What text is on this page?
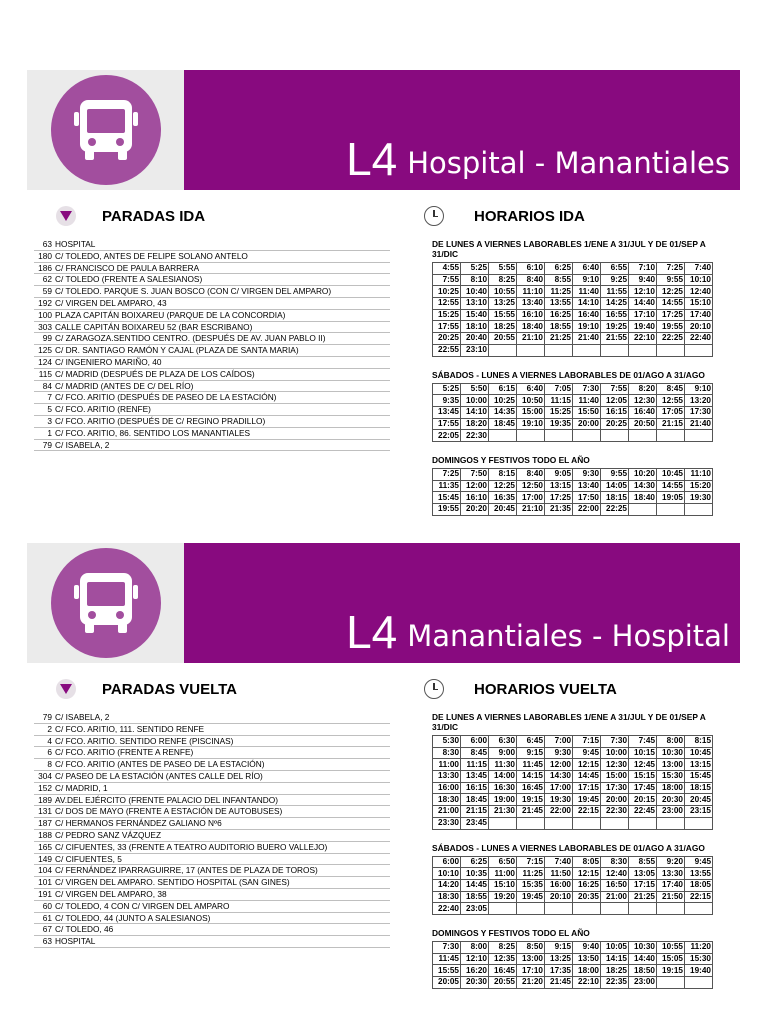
L4 Hospital - Manantiales
PARADAS IDA	HORARIOS IDA
63 HOSPITAL
180 C/ TOLEDO, ANTES DE FELIPE SOLANO ANTELO
186 C/ FRANCISCO DE PAULA BARRERA
62 C/ TOLEDO (FRENTE A SALESIANOS)
59 C/ TOLEDO. PARQUE S. JUAN BOSCO (CON C/ VIRGEN DEL AMPARO)
192 C/ VIRGEN DEL AMPARO, 43
100 PLAZA CAPITÁN BOIXAREU (PARQUE DE LA CONCORDIA)
303 CALLE CAPITÁN BOIXAREU 52 (BAR ESCRIBANO)
99 C/ ZARAGOZA.SENTIDO CENTRO. (DESPUÉS DE AV. JUAN PABLO II)
125 C/ DR. SANTIAGO RAMÓN Y CAJAL (PLAZA DE SANTA MARIA)
124 C/ INGENIERO MARIÑO, 40
115 C/ MADRID (DESPUÉS DE PLAZA DE LOS CAÍDOS)
84 C/ MADRID (ANTES DE C/ DEL RÍO)
7 C/ FCO. ARITIO (DESPUÉS DE PASEO DE LA ESTACIÓN)
5 C/ FCO. ARITIO (RENFE)
3 C/ FCO. ARITIO (DESPUÉS DE C/ REGINO PRADILLO)
1 C/ FCO. ARITIO, 86. SENTIDO LOS MANANTIALES
79 C/ ISABELA, 2
DE LUNES A VIERNES LABORABLES 1/ENE A 31/JUL Y DE 01/SEP A 31/DIC
4:55	5:25	5:55	6:10	6:25	6:40	6:55	7:10	7:25	7:40
7:55	8:10	8:25	8:40	8:55	9:10	9:25	9:40	9:55	10:10
10:25	10:40	10:55	11:10	11:25	11:40	11:55	12:10	12:25	12:40
12:55	13:10	13:25	13:40	13:55	14:10	14:25	14:40	14:55	15:10
15:25	15:40	15:55	16:10	16:25	16:40	16:55	17:10	17:25	17:40
17:55	18:10	18:25	18:40	18:55	19:10	19:25	19:40	19:55	20:10
20:25	20:40	20:55	21:10	21:25	21:40	21:55	22:10	22:25	22:40
22:55	23:10								
SÁBADOS - LUNES A VIERNES LABORABLES DE 01/AGO A 31/AGO
5:25	5:50	6:15	6:40	7:05	7:30	7:55	8:20	8:45	9:10
9:35	10:00	10:25	10:50	11:15	11:40	12:05	12:30	12:55	13:20
13:45	14:10	14:35	15:00	15:25	15:50	16:15	16:40	17:05	17:30
17:55	18:20	18:45	19:10	19:35	20:00	20:25	20:50	21:15	21:40
22:05	22:30								
DOMINGOS Y FESTIVOS TODO EL AÑO
7:25	7:50	8:15	8:40	9:05	9:30	9:55	10:20	10:45	11:10
11:35	12:00	12:25	12:50	13:15	13:40	14:05	14:30	14:55	15:20
15:45	16:10	16:35	17:00	17:25	17:50	18:15	18:40	19:05	19:30
19:55	20:20	20:45	21:10	21:35	22:00	22:25			
L4 Manantiales - Hospital
PARADAS VUELTA	HORARIOS VUELTA
79 C/ ISABELA, 2
2 C/ FCO. ARITIO, 111. SENTIDO RENFE
4 C/ FCO. ARITIO. SENTIDO RENFE (PISCINAS)
6 C/ FCO. ARITIO (FRENTE A RENFE)
8 C/ FCO. ARITIO (ANTES DE PASEO DE LA ESTACIÓN)
304 C/ PASEO DE LA ESTACIÓN (ANTES CALLE DEL RÍO)
152 C/ MADRID, 1
189 AV.DEL EJÉRCITO (FRENTE PALACIO DEL INFANTANDO)
131 C/ DOS DE MAYO (FRENTE A ESTACIÓN DE AUTOBUSES)
187 C/ HERMANOS FERNÁNDEZ GALIANO Nº6
188 C/ PEDRO SANZ VÁZQUEZ
165 C/ CIFUENTES, 33 (FRENTE A TEATRO AUDITORIO BUERO VALLEJO)
149 C/ CIFUENTES, 5
104 C/ FERNÁNDEZ IPARRAGUIRRE, 17 (ANTES DE PLAZA DE TOROS)
101 C/ VIRGEN DEL AMPARO. SENTIDO HOSPITAL (SAN GINES)
191 C/ VIRGEN DEL AMPARO, 38
60 C/ TOLEDO, 4 CON C/ VIRGEN DEL AMPARO
61 C/ TOLEDO, 44 (JUNTO A SALESIANOS)
67 C/ TOLEDO, 46
63 HOSPITAL
DE LUNES A VIERNES LABORABLES 1/ENE A 31/JUL Y DE 01/SEP A 31/DIC
5:30	6:00	6:30	6:45	7:00	7:15	7:30	7:45	8:00	8:15
8:30	8:45	9:00	9:15	9:30	9:45	10:00	10:15	10:30	10:45
11:00	11:15	11:30	11:45	12:00	12:15	12:30	12:45	13:00	13:15
13:30	13:45	14:00	14:15	14:30	14:45	15:00	15:15	15:30	15:45
16:00	16:15	16:30	16:45	17:00	17:15	17:30	17:45	18:00	18:15
18:30	18:45	19:00	19:15	19:30	19:45	20:00	20:15	20:30	20:45
21:00	21:15	21:30	21:45	22:00	22:15	22:30	22:45	23:00	23:15
23:30	23:45								
SÁBADOS - LUNES A VIERNES LABORABLES DE 01/AGO A 31/AGO
6:00	6:25	6:50	7:15	7:40	8:05	8:30	8:55	9:20	9:45
10:10	10:35	11:00	11:25	11:50	12:15	12:40	13:05	13:30	13:55
14:20	14:45	15:10	15:35	16:00	16:25	16:50	17:15	17:40	18:05
18:30	18:55	19:20	19:45	20:10	20:35	21:00	21:25	21:50	22:15
22:40	23:05								
DOMINGOS Y FESTIVOS TODO EL AÑO
7:30	8:00	8:25	8:50	9:15	9:40	10:05	10:30	10:55	11:20
11:45	12:10	12:35	13:00	13:25	13:50	14:15	14:40	15:05	15:30
15:55	16:20	16:45	17:10	17:35	18:00	18:25	18:50	19:15	19:40
20:05	20:30	20:55	21:20	21:45	22:10	22:35	23:00		
